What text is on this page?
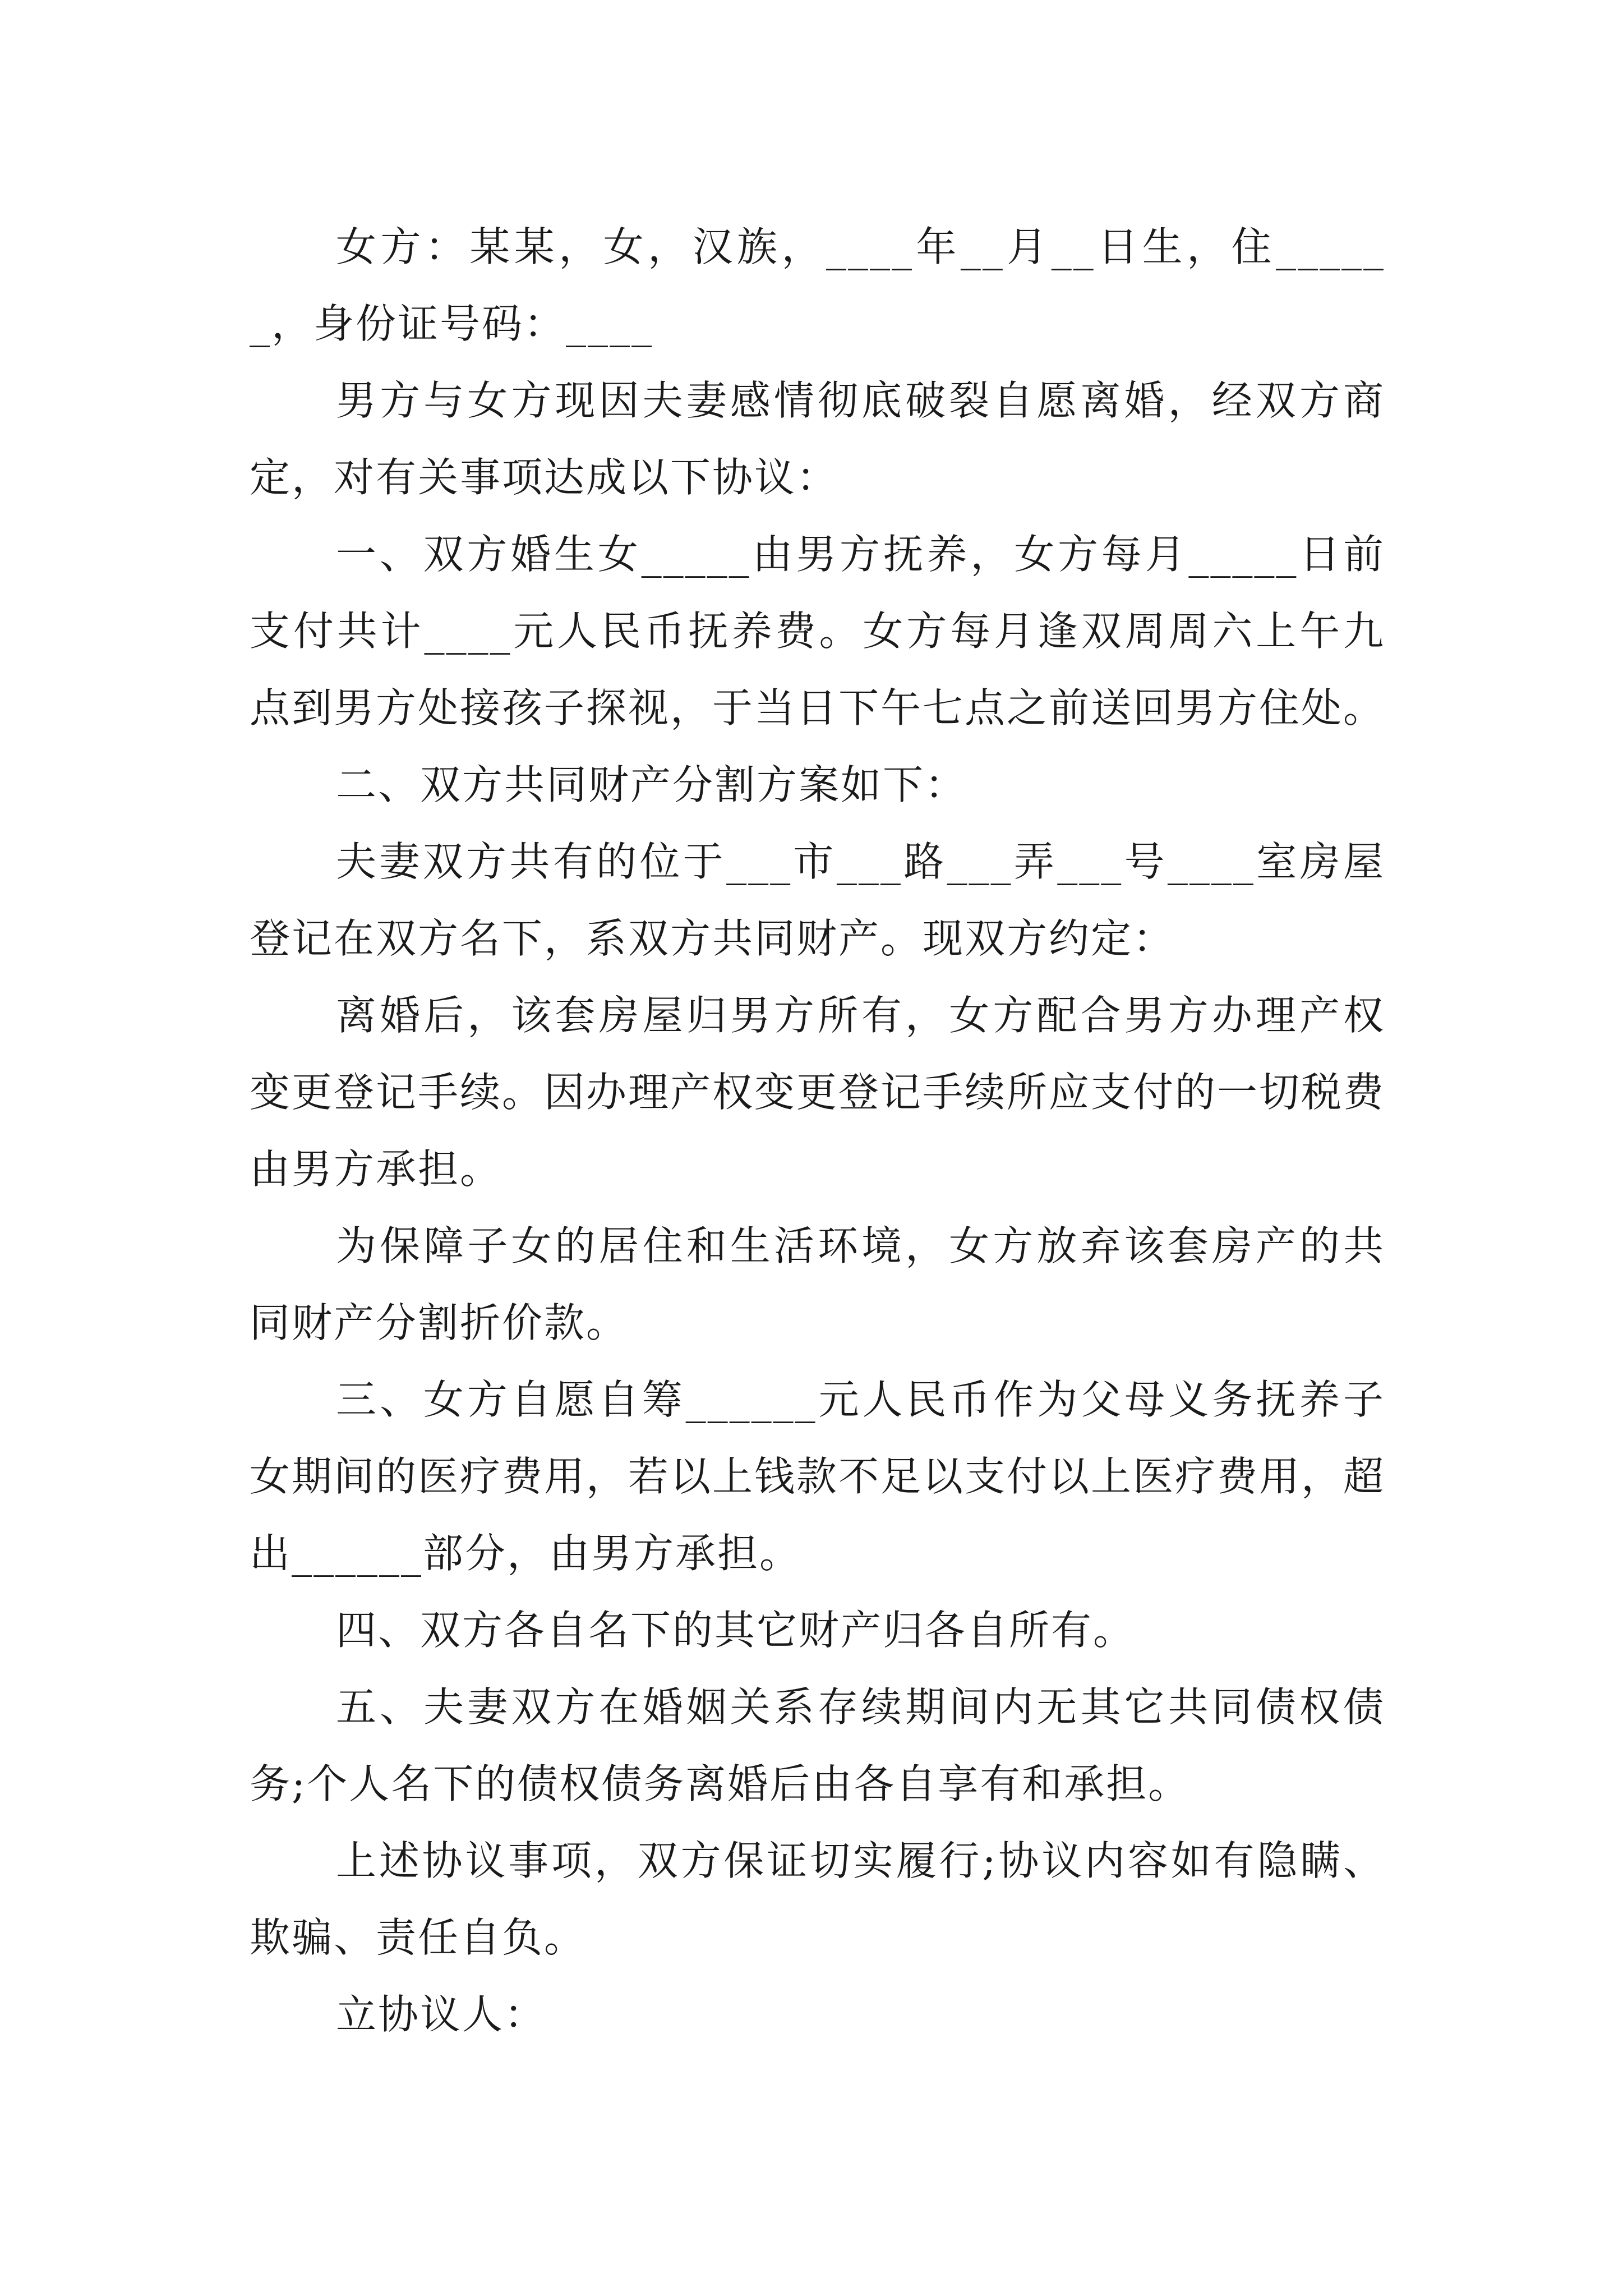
女方：某某，女，汉族，____年__月__日生，住______，身份证号码：____

男方与女方现因夫妻感情彻底破裂自愿离婚，经双方商定，对有关事项达成以下协议：

一、双方婚生女_____由男方抚养，女方每月_____日前支付共计____元人民币抚养费。女方每月逢双周周六上午九点到男方处接孩子探视，于当日下午七点之前送回男方住处。

二、双方共同财产分割方案如下：

夫妻双方共有的位于___市___路___弄___号____室房屋登记在双方名下，系双方共同财产。现双方约定：

离婚后，该套房屋归男方所有，女方配合男方办理产权变更登记手续。因办理产权变更登记手续所应支付的一切税费由男方承担。

为保障子女的居住和生活环境，女方放弃该套房产的共同财产分割折价款。

三、女方自愿自筹______元人民币作为父母义务抚养子女期间的医疗费用，若以上钱款不足以支付以上医疗费用，超出______部分，由男方承担。

四、双方各自名下的其它财产归各自所有。

五、夫妻双方在婚姻关系存续期间内无其它共同债权债务;个人名下的债权债务离婚后由各自享有和承担。

上述协议事项，双方保证切实履行;协议内容如有隐瞒、欺骗、责任自负。

立协议人：
